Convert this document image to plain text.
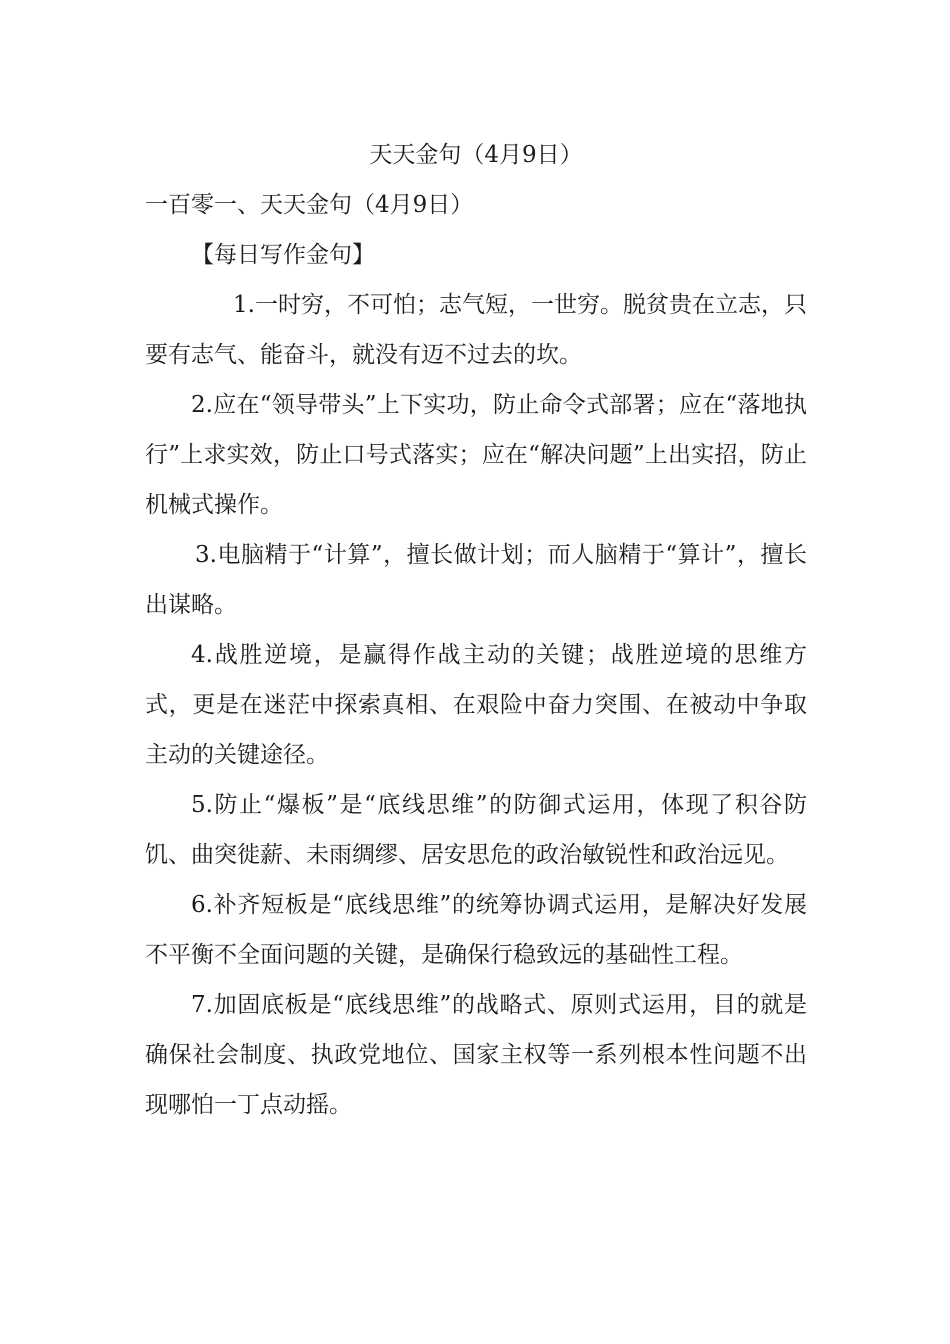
天天金句（4月9日）
一百零一、天天金句（4月9日）

【每日写作金句】

1.一时穷，不可怕；志气短，一世穷。脱贫贵在立志，只要有志气、能奋斗，就没有迈不过去的坎。

2.应在“领导带头”上下实功，防止命令式部署；应在“落地执行”上求实效，防止口号式落实；应在“解决问题”上出实招，防止机械式操作。

3.电脑精于“计算”，擅长做计划；而人脑精于“算计”，擅长出谋略。

4.战胜逆境，是赢得作战主动的关键；战胜逆境的思维方式，更是在迷茫中探索真相、在艰险中奋力突围、在被动中争取主动的关键途径。

5.防止“爆板”是“底线思维”的防御式运用，体现了积谷防饥、曲突徙薪、未雨绸缪、居安思危的政治敏锐性和政治远见。

6.补齐短板是“底线思维”的统筹协调式运用，是解决好发展不平衡不全面问题的关键，是确保行稳致远的基础性工程。

7.加固底板是“底线思维”的战略式、原则式运用，目的就是确保社会制度、执政党地位、国家主权等一系列根本性问题不出现哪怕一丁点动摇。
